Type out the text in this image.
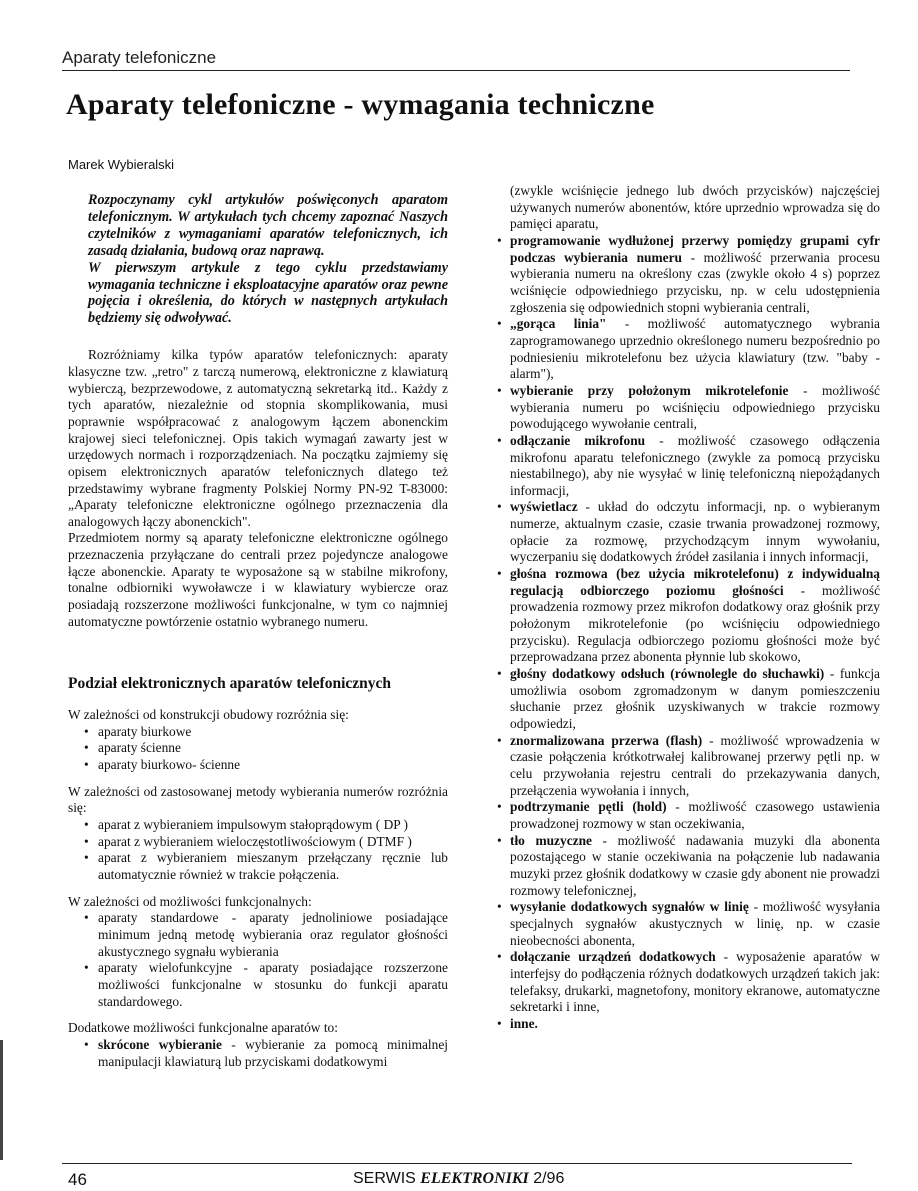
Aparaty telefoniczne
Aparaty telefoniczne - wymagania techniczne
Marek Wybieralski

Rozpoczynamy cykl artykułów poświęconych aparatom telefonicznym. W artykułach tych chcemy zapoznać Naszych czytelników z wymaganiami aparatów telefonicznych, ich zasadą działania, budową oraz naprawą.

W pierwszym artykule z tego cyklu przedstawiamy wymagania techniczne i eksploatacyjne aparatów oraz pewne pojęcia i określenia, do których w następnych artykułach będziemy się odwoływać.

Rozróżniamy kilka typów aparatów telefonicznych: aparaty klasyczne tzw. „retro" z tarczą numerową, elektroniczne z klawiaturą wybierczą, bezprzewodowe, z automatyczną sekretarką itd.. Każdy z tych aparatów, niezależnie od stopnia skomplikowania, musi poprawnie współpracować z analogowym łączem abonenckim krajowej sieci telefonicznej. Opis takich wymagań zawarty jest w urzędowych normach i rozporządzeniach. Na początku zajmiemy się opisem elektronicznych aparatów telefonicznych dlatego też przedstawimy wybrane fragmenty Polskiej Normy PN-92 T-83000: „Aparaty telefoniczne elektroniczne ogólnego przeznaczenia dla analogowych łączy abonenckich".

Przedmiotem normy są aparaty telefoniczne elektroniczne ogólnego przeznaczenia przyłączane do centrali przez pojedyncze analogowe łącze abonenckie. Aparaty te wyposażone są w stabilne mikrofony, tonalne odbiorniki wywoławcze i w klawiatury wybiercze oraz posiadają rozszerzone możliwości funkcjonalne, w tym co najmniej automatyczne powtórzenie ostatnio wybranego numeru.

Podział elektronicznych aparatów telefonicznych

W zależności od konstrukcji obudowy rozróżnia się:

• aparaty biurkowe
• aparaty ścienne
• aparaty biurkowo- ścienne

W zależności od zastosowanej metody wybierania numerów rozróżnia się:

• aparat z wybieraniem impulsowym stałoprądowym ( DP )
• aparat z wybieraniem wieloczęstotliwościowym ( DTMF )
• aparat z wybieraniem mieszanym przełączany ręcznie lub automatycznie również w trakcie połączenia.

W zależności od możliwości funkcjonalnych:

• aparaty standardowe - aparaty jednoliniowe posiadające minimum jedną metodę wybierania oraz regulator głośności akustycznego sygnału wybierania
• aparaty wielofunkcyjne - aparaty posiadające rozszerzone możliwości funkcjonalne w stosunku do funkcji aparatu standardowego.

Dodatkowe możliwości funkcjonalne aparatów to:

• skrócone wybieranie - wybieranie za pomocą minimalnej manipulacji klawiaturą lub przyciskami dodatkowymi

(zwykle wciśnięcie jednego lub dwóch przycisków) najczęściej używanych numerów abonentów, które uprzednio wprowadza się do pamięci aparatu,

• programowanie wydłużonej przerwy pomiędzy grupami cyfr podczas wybierania numeru - możliwość przerwania procesu wybierania numeru na określony czas (zwykle około 4 s) poprzez wciśnięcie odpowiedniego przycisku, np. w celu udostępnienia zgłoszenia się odpowiednich stopni wybierania centrali,
• „gorąca linia" - możliwość automatycznego wybrania zaprogramowanego uprzednio określonego numeru bezpośrednio po podniesieniu mikrotelefonu bez użycia klawiatury (tzw. "baby - alarm"),
• wybieranie przy położonym mikrotelefonie - możliwość wybierania numeru po wciśnięciu odpowiedniego przycisku powodującego wywołanie centrali,
• odłączanie mikrofonu - możliwość czasowego odłączenia mikrofonu aparatu telefonicznego (zwykle za pomocą przycisku niestabilnego), aby nie wysyłać w linię telefoniczną niepożądanych informacji,
• wyświetlacz - układ do odczytu informacji, np. o wybieranym numerze, aktualnym czasie, czasie trwania prowadzonej rozmowy, opłacie za rozmowę, przychodzącym innym wywołaniu, wyczerpaniu się dodatkowych źródeł zasilania i innych informacji,
• głośna rozmowa (bez użycia mikrotelefonu) z indywidualną regulacją odbiorczego poziomu głośności - możliwość prowadzenia rozmowy przez mikrofon dodatkowy oraz głośnik przy położonym mikrotelefonie (po wciśnięciu odpowiedniego przycisku). Regulacja odbiorczego poziomu głośności może być przeprowadzana przez abonenta płynnie lub skokowo,
• głośny dodatkowy odsłuch (równolegle do słuchawki) - funkcja umożliwia osobom zgromadzonym w danym pomieszczeniu słuchanie przez głośnik uzyskiwanych w trakcie rozmowy odpowiedzi,
• znormalizowana przerwa (flash) - możliwość wprowadzenia w czasie połączenia krótkotrwałej kalibrowanej przerwy pętli np. w celu przywołania rejestru centrali do przekazywania danych, przełączenia wywołania i innych,
• podtrzymanie pętli (hold) - możliwość czasowego ustawienia prowadzonej rozmowy w stan oczekiwania,
• tło muzyczne - możliwość nadawania muzyki dla abonenta pozostającego w stanie oczekiwania na połączenie lub nadawania muzyki przez głośnik dodatkowy w czasie gdy abonent nie prowadzi rozmowy telefonicznej,
• wysyłanie dodatkowych sygnałów w linię - możliwość wysyłania specjalnych sygnałów akustycznych w linię, np. w czasie nieobecności abonenta,
• dołączanie urządzeń dodatkowych - wyposażenie aparatów w interfejsy do podłączenia różnych dodatkowych urządzeń takich jak: telefaksy, drukarki, magnetofony, monitory ekranowe, automatyczne sekretarki i inne,
• inne.
46	SERWIS ELEKTRONIKI 2/96
